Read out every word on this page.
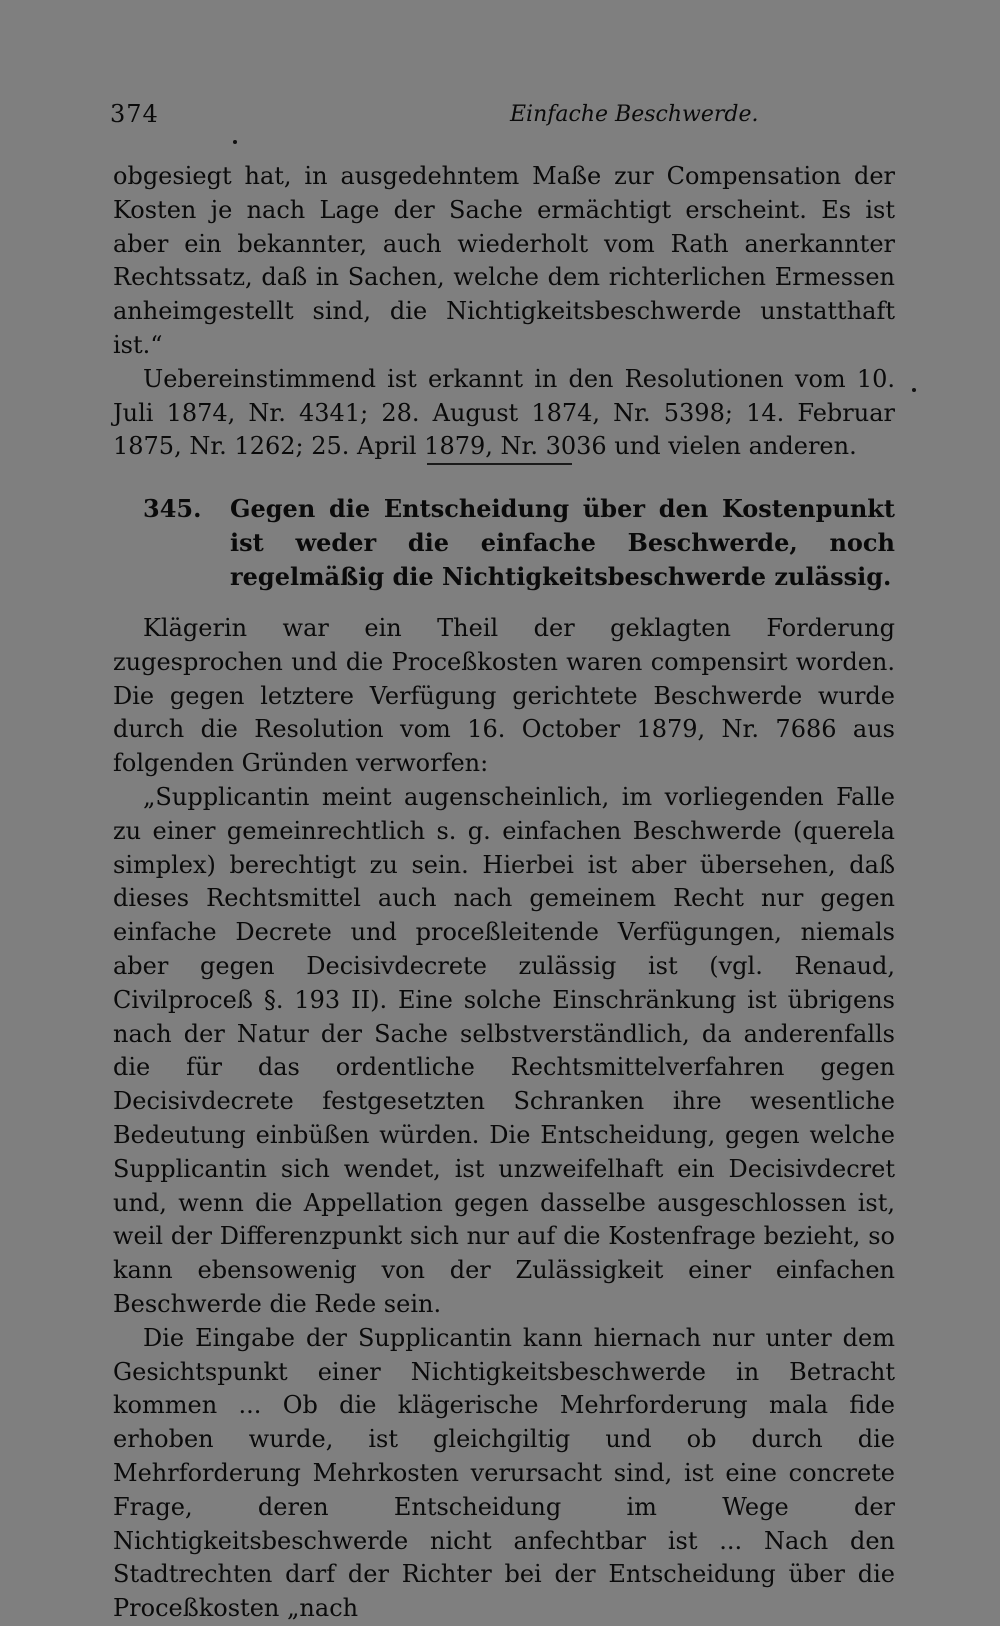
374	Einfache Beschwerde.

obgesiegt hat, in ausgedehntem Maße zur Compensation der Kosten je nach Lage der Sache ermächtigt erscheint. Es ist aber ein bekannter, auch wiederholt vom Rath anerkannter Rechtssatz, daß in Sachen, welche dem richterlichen Ermessen anheimgestellt sind, die Nichtigkeitsbeschwerde unstatthaft ist.“

Uebereinstimmend ist erkannt in den Resolutionen vom 10. Juli 1874, Nr. 4341; 28. August 1874, Nr. 5398; 14. Februar 1875, Nr. 1262; 25. April 1879, Nr. 3036 und vielen anderen.

345. Gegen die Entscheidung über den Kostenpunkt ist weder die einfache Beschwerde, noch regelmäßig die Nichtigkeitsbeschwerde zulässig.

Klägerin war ein Theil der geklagten Forderung zugesprochen und die Proceßkosten waren compensirt worden. Die gegen letztere Verfügung gerichtete Beschwerde wurde durch die Resolution vom 16. October 1879, Nr. 7686 aus folgenden Gründen verworfen:

„Supplicantin meint augenscheinlich, im vorliegenden Falle zu einer gemeinrechtlich s. g. einfachen Beschwerde (querela simplex) berechtigt zu sein. Hierbei ist aber übersehen, daß dieses Rechtsmittel auch nach gemeinem Recht nur gegen einfache Decrete und proceßleitende Verfügungen, niemals aber gegen Decisivdecrete zulässig ist (vgl. Renaud, Civilproceß §. 193 II). Eine solche Einschränkung ist übrigens nach der Natur der Sache selbstverständlich, da anderenfalls die für das ordentliche Rechtsmittelverfahren gegen Decisivdecrete festgesetzten Schranken ihre wesentliche Bedeutung einbüßen würden. Die Entscheidung, gegen welche Supplicantin sich wendet, ist unzweifelhaft ein Decisivdecret und, wenn die Appellation gegen dasselbe ausgeschlossen ist, weil der Differenzpunkt sich nur auf die Kostenfrage bezieht, so kann ebensowenig von der Zulässigkeit einer einfachen Beschwerde die Rede sein.

Die Eingabe der Supplicantin kann hiernach nur unter dem Gesichtspunkt einer Nichtigkeitsbeschwerde in Betracht kommen ... Ob die klägerische Mehrforderung mala fide erhoben wurde, ist gleichgiltig und ob durch die Mehrforderung Mehrkosten verursacht sind, ist eine concrete Frage, deren Entscheidung im Wege der Nichtigkeitsbeschwerde nicht anfechtbar ist ... Nach den Stadtrechten darf der Richter bei der Entscheidung über die Proceßkosten „nach
